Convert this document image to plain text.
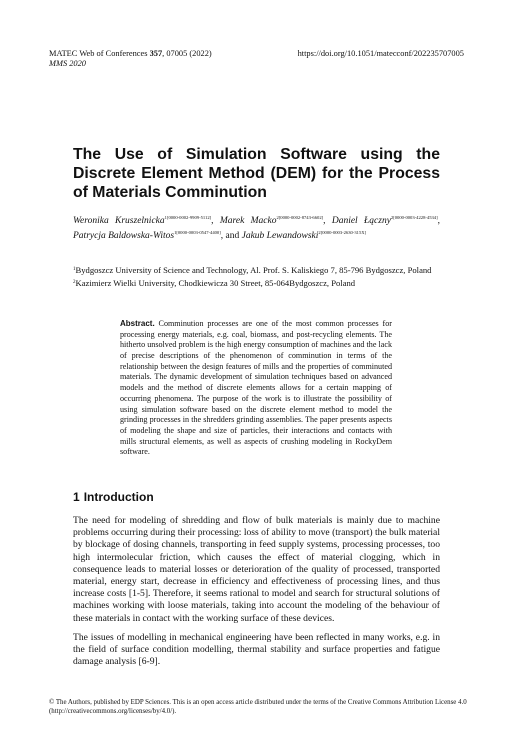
MATEC Web of Conferences 357, 07005 (2022)
MMS 2020
https://doi.org/10.1051/matecconf/202235707005
The Use of Simulation Software using the Discrete Element Method (DEM) for the Process of Materials Comminution

Weronika Kruszelnicka$^{1[0000-0002-9909-5112]}$, Marek Macko$^{2[0000-0002-8743-6602]}$, Daniel Łączny$^{2[0000-0003-4228-4534]}$, Patrycja Baldowska-Witos$^{1[0000-0003-0547-4400]}$, and Jakub Lewandowski$^{2[0000-0003-2630-315X]}$

$^1$Bydgoszcz University of Science and Technology, Al. Prof. S. Kaliskiego 7, 85-796 Bydgoszcz, Poland
$^2$Kazimierz Wielki University, Chodkiewicza 30 Street, 85-064Bydgoszcz, Poland

Abstract. Comminution processes are one of the most common processes for processing energy materials, e.g. coal, biomass, and post-recycling elements. The hitherto unsolved problem is the high energy consumption of machines and the lack of precise descriptions of the phenomenon of comminution in terms of the relationship between the design features of mills and the properties of comminuted materials. The dynamic development of simulation techniques based on advanced models and the method of discrete elements allows for a certain mapping of occurring phenomena. The purpose of the work is to illustrate the possibility of using simulation software based on the discrete element method to model the grinding processes in the shredders grinding assemblies. The paper presents aspects of modeling the shape and size of particles, their interactions and contacts with mills structural elements, as well as aspects of crushing modeling in RockyDem software.

1 Introduction

The need for modeling of shredding and flow of bulk materials is mainly due to machine problems occurring during their processing: loss of ability to move (transport) the bulk material by blockage of dosing channels, transporting in feed supply systems, processing processes, too high intermolecular friction, which causes the effect of material clogging, which in consequence leads to material losses or deterioration of the quality of processed, transported material, energy start, decrease in efficiency and effectiveness of processing lines, and thus increase costs [1-5]. Therefore, it seems rational to model and search for structural solutions of machines working with loose materials, taking into account the modeling of the behaviour of these materials in contact with the working surface of these devices.

The issues of modelling in mechanical engineering have been reflected in many works, e.g. in the field of surface condition modelling, thermal stability and surface properties and fatigue damage analysis [6-9].

© The Authors, published by EDP Sciences. This is an open access article distributed under the terms of the Creative Commons Attribution License 4.0 (http://creativecommons.org/licenses/by/4.0/).
